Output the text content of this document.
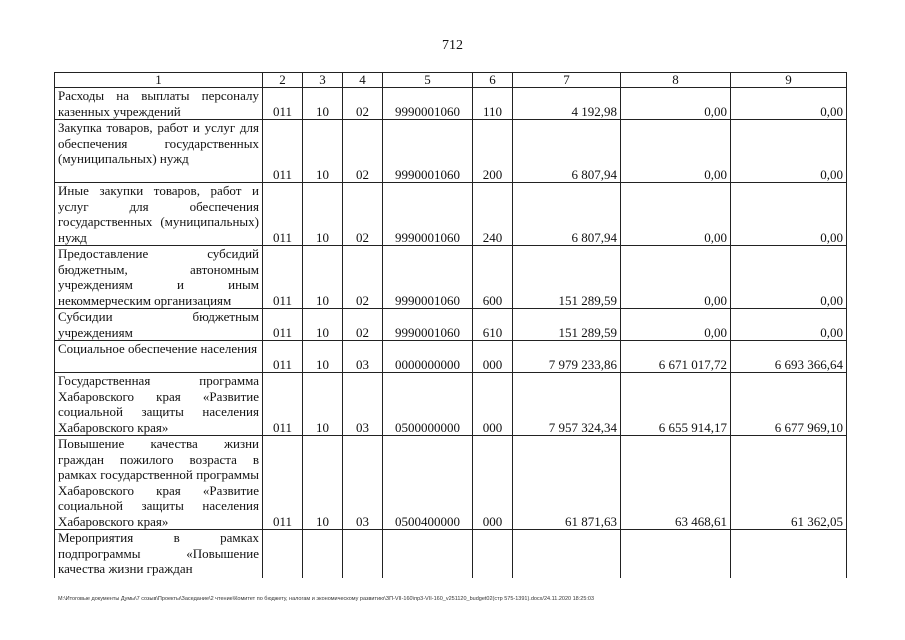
712
1	2	3	4	5	6	7	8	9
Расходы на выплаты персоналу казенных учреждений	011	10	02	9990001060	110	4 192,98	0,00	0,00
Закупка товаров, работ и услуг для обеспечения государственных (муниципальных) нужд	011	10	02	9990001060	200	6 807,94	0,00	0,00
Иные закупки товаров, работ и услуг для обеспечения государственных (муниципальных) нужд	011	10	02	9990001060	240	6 807,94	0,00	0,00
Предоставление субсидий бюджетным, автономным учреждениям и иным некоммерческим организациям	011	10	02	9990001060	600	151 289,59	0,00	0,00
Субсидии бюджетным учреждениям	011	10	02	9990001060	610	151 289,59	0,00	0,00
Социальное обеспечение населения	011	10	03	0000000000	000	7 979 233,86	6 671 017,72	6 693 366,64
Государственная программа Хабаровского края «Развитие социальной защиты населения Хабаровского края»	011	10	03	0500000000	000	7 957 324,34	6 655 914,17	6 677 969,10
Повышение качества жизни граждан пожилого возраста в рамках государственной программы Хабаровского края «Развитие социальной защиты населения Хабаровского края»	011	10	03	0500400000	000	61 871,63	63 468,61	61 362,05
Мероприятия в рамках подпрограммы «Повышение качества жизни граждан								
M:\Итоговые документы Думы\7 созыв\Проекты\Заседание\2 чтение\Комитет по бюджету, налогам и экономическому развитию\ЗП-VII-160\пр3-VII-160_v251120_budget02(стр 575-1391).docx/24.11.2020 18:25:03
